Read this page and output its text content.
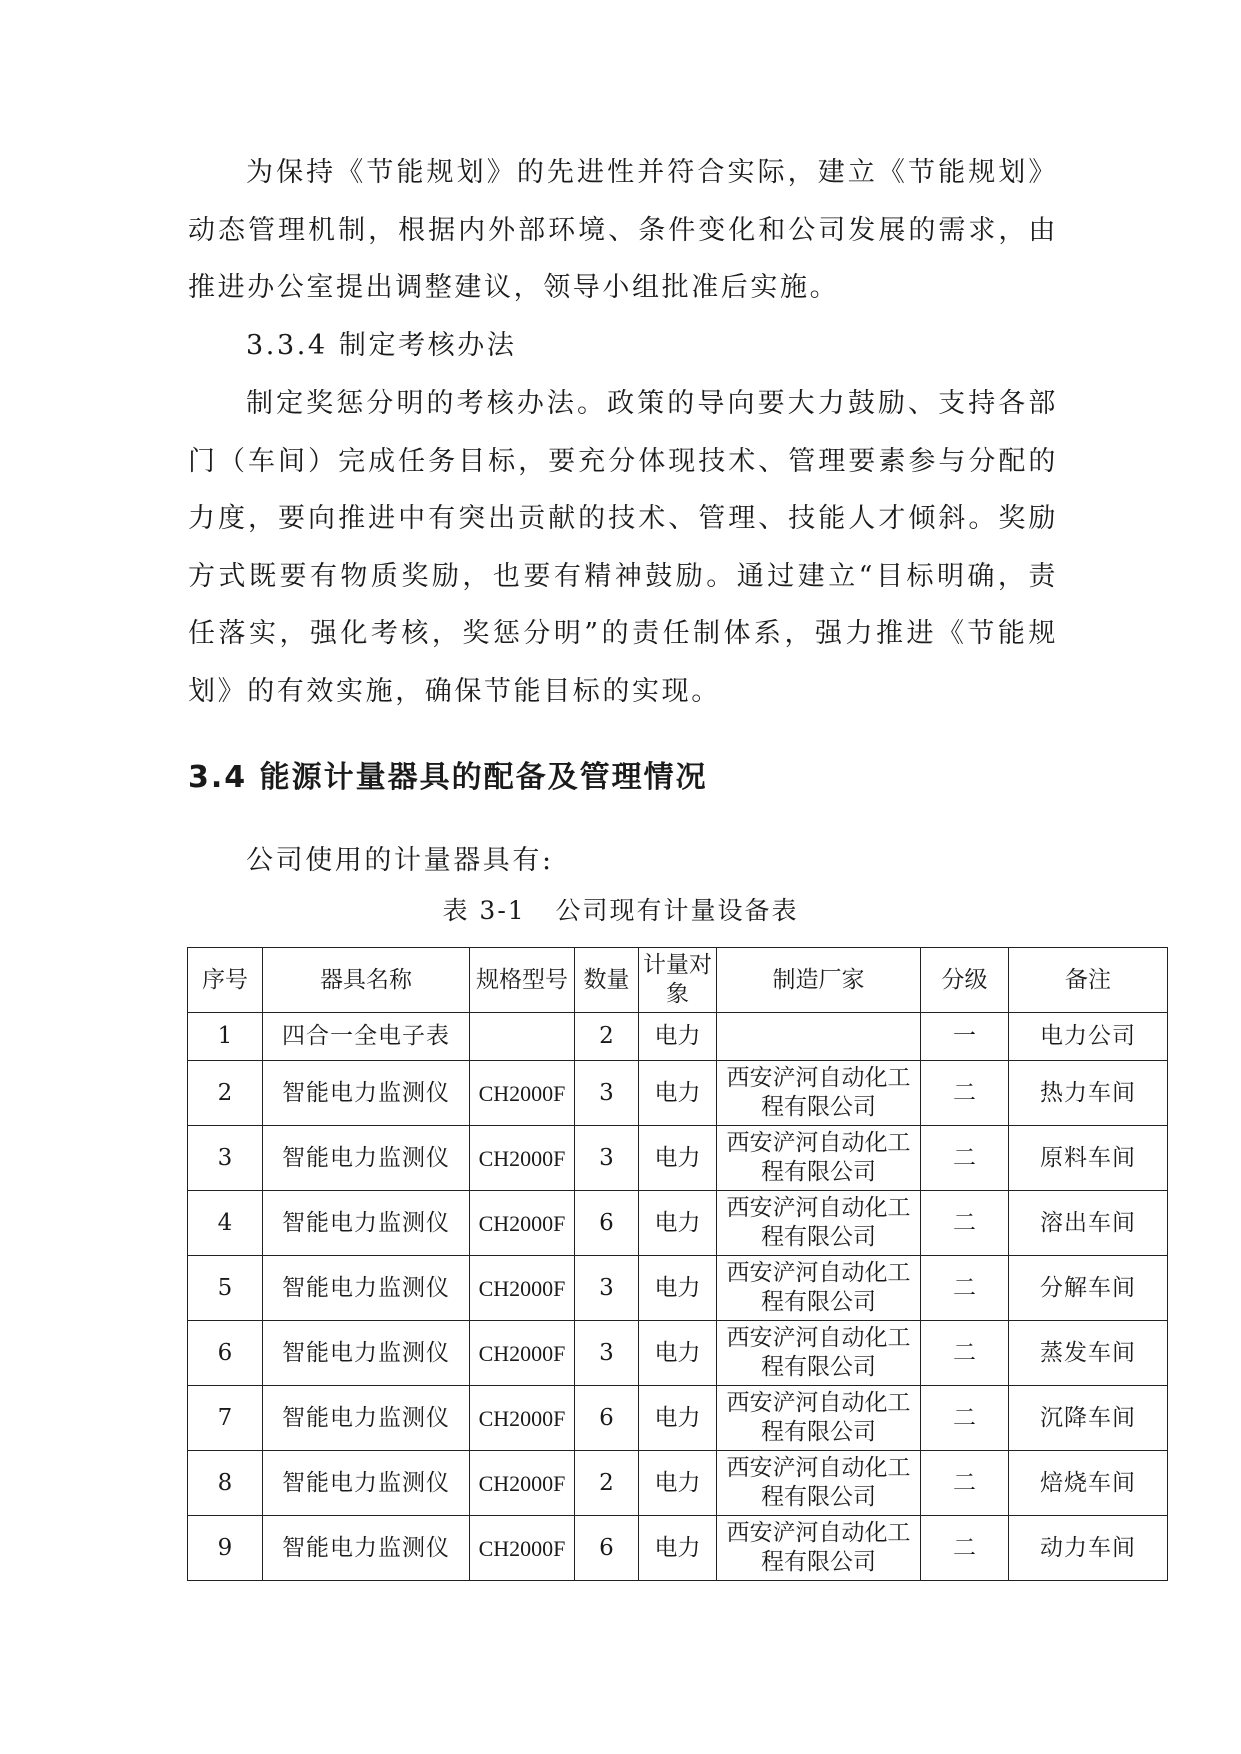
为保持《节能规划》的先进性并符合实际，建立《节能规划》动态管理机制，根据内外部环境、条件变化和公司发展的需求，由推进办公室提出调整建议，领导小组批准后实施。

3.3.4 制定考核办法

制定奖惩分明的考核办法。政策的导向要大力鼓励、支持各部门（车间）完成任务目标，要充分体现技术、管理要素参与分配的力度，要向推进中有突出贡献的技术、管理、技能人才倾斜。奖励方式既要有物质奖励，也要有精神鼓励。通过建立“目标明确，责任落实，强化考核，奖惩分明”的责任制体系，强力推进《节能规划》的有效实施，确保节能目标的实现。

3.4 能源计量器具的配备及管理情况

公司使用的计量器具有:

表 3-1   公司现有计量设备表

序号	器具名称	规格型号	数量	计量对象	制造厂家	分级	备注
1	四合一全电子表		2	电力		一	电力公司
2	智能电力监测仪	CH2000F	3	电力	西安浐河自动化工程有限公司	二	热力车间
3	智能电力监测仪	CH2000F	3	电力	西安浐河自动化工程有限公司	二	原料车间
4	智能电力监测仪	CH2000F	6	电力	西安浐河自动化工程有限公司	二	溶出车间
5	智能电力监测仪	CH2000F	3	电力	西安浐河自动化工程有限公司	二	分解车间
6	智能电力监测仪	CH2000F	3	电力	西安浐河自动化工程有限公司	二	蒸发车间
7	智能电力监测仪	CH2000F	6	电力	西安浐河自动化工程有限公司	二	沉降车间
8	智能电力监测仪	CH2000F	2	电力	西安浐河自动化工程有限公司	二	焙烧车间
9	智能电力监测仪	CH2000F	6	电力	西安浐河自动化工程有限公司	二	动力车间
